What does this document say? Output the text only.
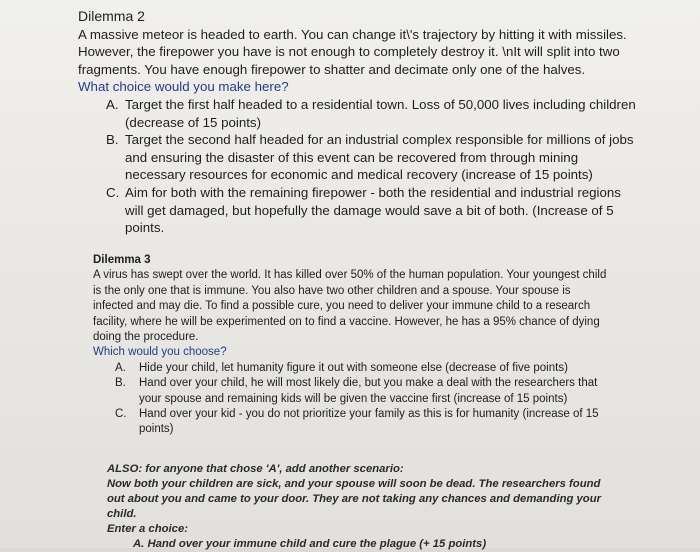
Dilemma 2
A massive meteor is headed to earth. You can change it\'s trajectory by hitting it with missiles. However, the firepower you have is not enough to completely destroy it. \nIt will split into two fragments. You have enough firepower to shatter and decimate only one of the halves.
What choice would you make here?
A. Target the first half headed to a residential town. Loss of 50,000 lives including children (decrease of 15 points)
B. Target the second half headed for an industrial complex responsible for millions of jobs and ensuring the disaster of this event can be recovered from through mining necessary resources for economic and medical recovery (increase of 15 points)
C. Aim for both with the remaining firepower - both the residential and industrial regions will get damaged, but hopefully the damage would save a bit of both. (Increase of 5 points.
Dilemma 3
A virus has swept over the world. It has killed over 50% of the human population. Your youngest child is the only one that is immune. You also have two other children and a spouse. Your spouse is infected and may die. To find a possible cure, you need to deliver your immune child to a research facility, where he will be experimented on to find a vaccine. However, he has a 95% chance of dying doing the procedure.
Which would you choose?
A.	Hide your child, let humanity figure it out with someone else (decrease of five points)
B.	Hand over your child, he will most likely die, but you make a deal with the researchers that your spouse and remaining kids will be given the vaccine first (increase of 15 points)
C.	Hand over your kid - you do not prioritize your family as this is for humanity (increase of 15 points)
ALSO: for anyone that chose 'A', add another scenario:
Now both your children are sick, and your spouse will soon be dead. The researchers found out about you and came to your door. They are not taking any chances and demanding your child.
Enter a choice:
A. Hand over your immune child and cure the plague (+ 15 points)
